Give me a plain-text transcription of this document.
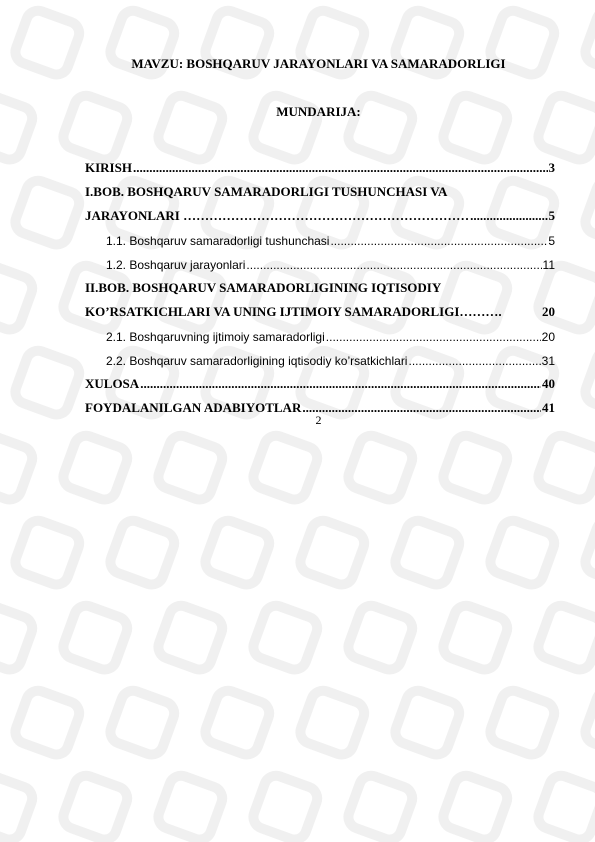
MAVZU: BOSHQARUV JARAYONLARI VA SAMARADORLIGI
MUNDARIJA:
KIRISH .....	3
I.BOB. BOSHQARUV SAMARADORLIGI TUSHUNCHASI VA
JARAYONLARI ………………………………………………………… .....	5
1.1. Boshqaruv samaradorligi tushunchasi .....	5
1.2. Boshqaruv jarayonlari .....	11
II.BOB. BOSHQARUV SAMARADORLIGINING IQTISODIY
KO’RSATKICHLARI VA UNING IJTIMOIY SAMARADORLIGI……….	20
2.1. Boshqaruvning ijtimoiy samaradorligi .....	20
2.2. Boshqaruv samaradorligining iqtisodiy ko’rsatkichlari .....	31
XULOSA .....	40
FOYDALANILGAN ADABIYOTLAR .....	41
2
